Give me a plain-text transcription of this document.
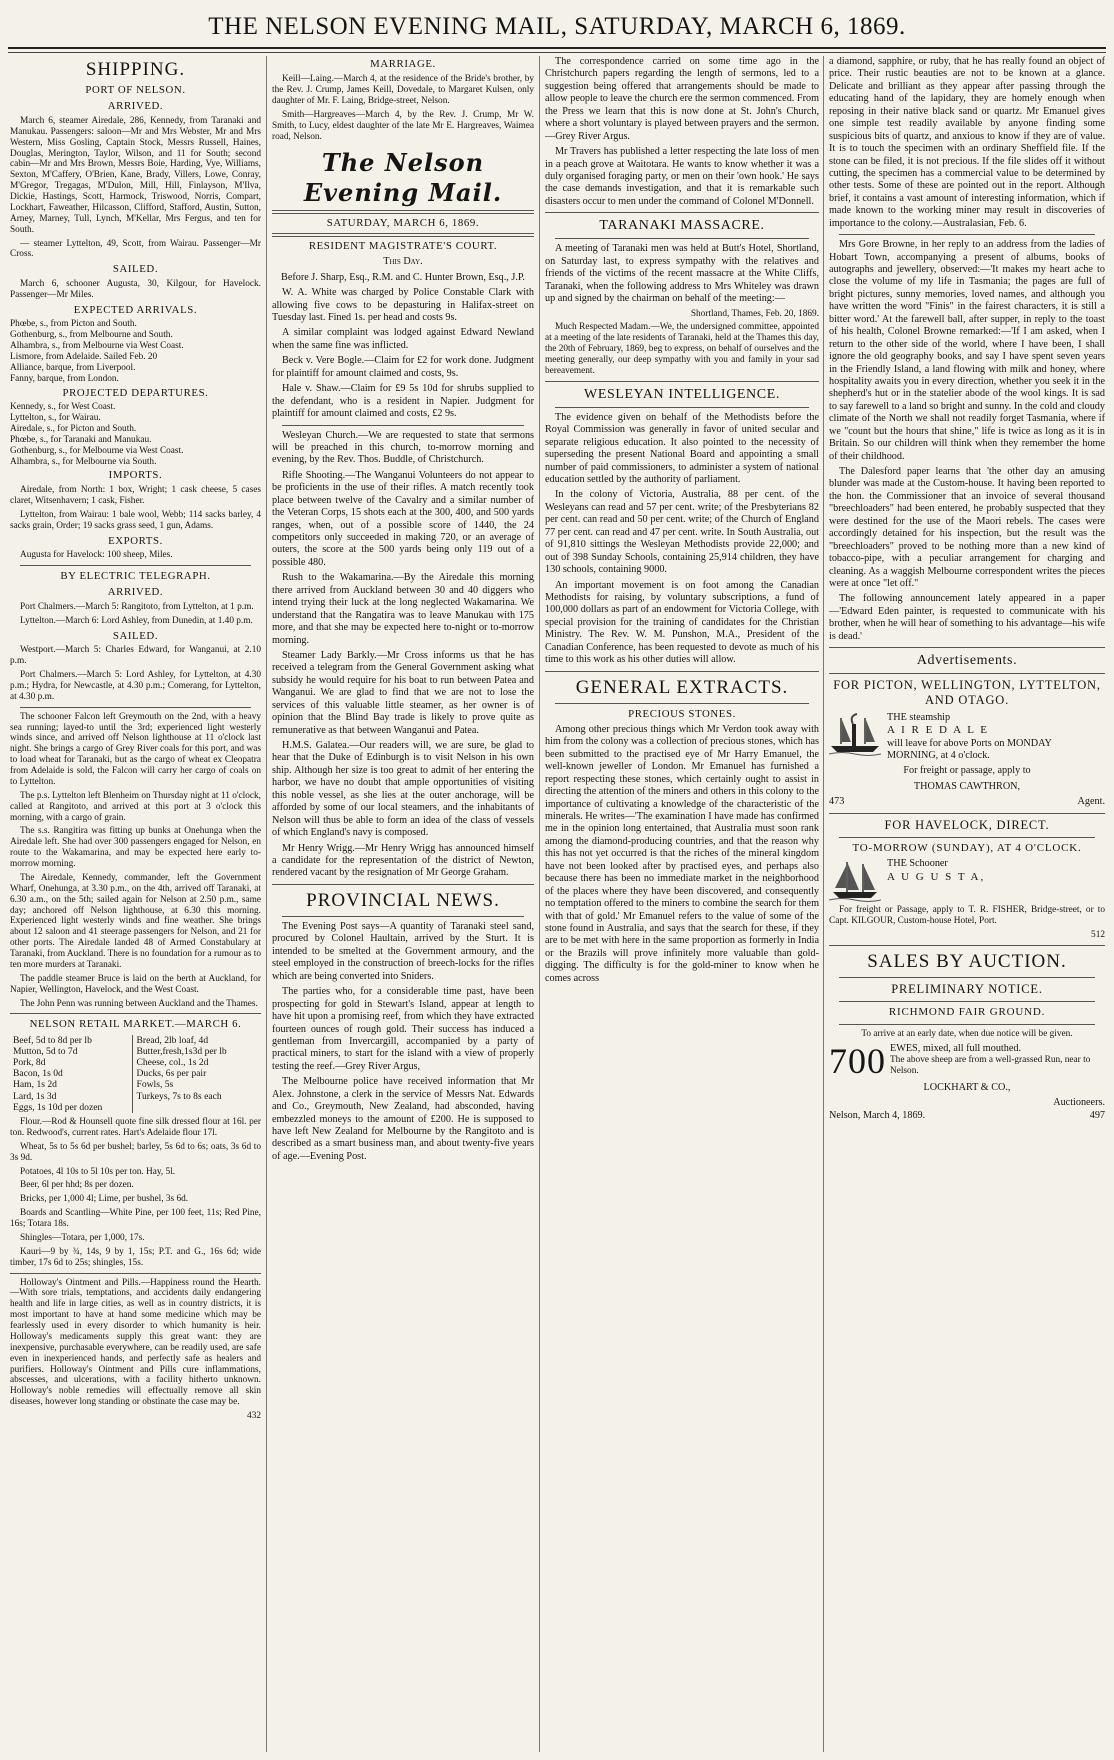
THE NELSON EVENING MAIL, SATURDAY, MARCH 6, 1869.
SHIPPING.
PORT OF NELSON.
ARRIVED.

March 6, steamer Airedale, 286, Kennedy, from Taranaki and Manukau. Passengers: saloon—Mr and Mrs Webster, Mr and Mrs Western, Miss Gosling, Captain Stock, Messrs Russell, Haines, Douglas, Merington, Taylor, Wilson, and 11 for South; second cabin—Mr and Mrs Brown, Messrs Boie, Harding, Vye, Williams, Sexton, M'Caffery, O'Brien, Kane, Brady, Villers, Lowe, Conray, M'Gregor, Tregagas, M'Dulon, Mill, Hill, Finlayson, M'Ilva, Dickie, Hastings, Scott, Harmock, Triswood, Norris, Compart, Lockhart, Faweather, Hilcasson, Clifford, Stafford, Austin, Sutton, Arney, Marney, Tull, Lynch, M'Kellar, Mrs Fergus, and ten for South.

— steamer Lyttelton, 49, Scott, from Wairau. Passenger—Mr Cross.

SAILED.

March 6, schooner Augusta, 30, Kilgour, for Havelock. Passenger—Mr Miles.

EXPECTED ARRIVALS.
Phœbe, s., from Picton and South.
Gothenburg, s., from Melbourne and South.
Alhambra, s., from Melbourne via West Coast.
Lismore, from Adelaide. Sailed Feb. 20
Alliance, barque, from Liverpool.
Fanny, barque, from London.
PROJECTED DEPARTURES.
Kennedy, s., for West Coast.
Lyttelton, s., for Wairau.
Airedale, s., for Picton and South.
Phœbe, s., for Taranaki and Manukau.
Gothenburg, s., for Melbourne via West Coast.
Alhambra, s., for Melbourne via South.
IMPORTS.

Airedale, from North: 1 box, Wright; 1 cask cheese, 5 cases claret, Witsenhavern; 1 cask, Fisher.

Lyttelton, from Wairau: 1 bale wool, Webb; 114 sacks barley, 4 sacks grain, Order; 19 sacks grass seed, 1 gun, Adams.

EXPORTS.

Augusta for Havelock: 100 sheep, Miles.

BY ELECTRIC TELEGRAPH.
ARRIVED.

Port Chalmers.—March 5: Rangitoto, from Lyttelton, at 1 p.m.

Lyttelton.—March 6: Lord Ashley, from Dunedin, at 1.40 p.m.

SAILED.

Westport.—March 5: Charles Edward, for Wanganui, at 2.10 p.m.

Port Chalmers.—March 5: Lord Ashley, for Lyttelton, at 4.30 p.m.; Hydra, for Newcastle, at 4.30 p.m.; Comerang, for Lyttelton, at 4.30 p.m.

The schooner Falcon left Greymouth on the 2nd, with a heavy sea running; layed-to until the 3rd; experienced light westerly winds since, and arrived off Nelson lighthouse at 11 o'clock last night. She brings a cargo of Grey River coals for this port, and was to load wheat for Taranaki, but as the cargo of wheat ex Cleopatra from Adelaide is sold, the Falcon will carry her cargo of coals on to Lyttelton.

The p.s. Lyttelton left Blenheim on Thursday night at 11 o'clock, called at Rangitoto, and arrived at this port at 3 o'clock this morning, with a cargo of grain.

The s.s. Rangitira was fitting up bunks at Onehunga when the Airedale left. She had over 300 passengers engaged for Nelson, en route to the Wakamarina, and may be expected here early to-morrow morning.

The Airedale, Kennedy, commander, left the Government Wharf, Onehunga, at 3.30 p.m., on the 4th, arrived off Taranaki, at 6.30 a.m., on the 5th; sailed again for Nelson at 2.50 p.m., same day; anchored off Nelson lighthouse, at 6.30 this morning. Experienced light westerly winds and fine weather. She brings about 12 saloon and 41 steerage passengers for Nelson, and 21 for other ports. The Airedale landed 48 of Armed Constabulary at Taranaki, from Auckland. There is no foundation for a rumour as to ten more murders at Taranaki.

The paddle steamer Bruce is laid on the berth at Auckland, for Napier, Wellington, Havelock, and the West Coast.

The John Penn was running between Auckland and the Thames.

NELSON RETAIL MARKET.—MARCH 6.
Beef, 5d to 8d per lb	Bread, 2lb loaf, 4d
Mutton, 5d to 7d	Butter,fresh,1s3d per lb
Pork, 8d	Cheese, col., 1s 2d
Bacon, 1s 0d	Ducks, 6s per pair
Ham, 1s 2d	Fowls, 5s
Lard, 1s 3d	Turkeys, 7s to 8s each
Eggs, 1s 10d per dozen	

Flour.—Rod & Hounsell quote fine silk dressed flour at 16l. per ton. Redwood's, current rates. Hart's Adelaide flour 17l.

Wheat, 5s to 5s 6d per bushel; barley, 5s 6d to 6s; oats, 3s 6d to 3s 9d.

Potatoes, 4l 10s to 5l 10s per ton. Hay, 5l.

Beer, 6l per hhd; 8s per dozen.

Bricks, per 1,000 4l; Lime, per bushel, 3s 6d.

Boards and Scantling—White Pine, per 100 feet, 11s; Red Pine, 16s; Totara 18s.

Shingles—Totara, per 1,000, 17s.

Kauri—9 by ¾, 14s, 9 by 1, 15s; P.T. and G., 16s 6d; wide timber, 17s 6d to 25s; shingles, 15s.

Holloway's Ointment and Pills.—Happiness round the Hearth.—With sore trials, temptations, and accidents daily endangering health and life in large cities, as well as in country districts, it is most important to have at hand some medicine which may be fearlessly used in every disorder to which humanity is heir. Holloway's medicaments supply this great want: they are inexpensive, purchasable everywhere, can be readily used, are safe even in inexperienced hands, and perfectly safe as healers and purifiers. Holloway's Ointment and Pills cure inflammations, abscesses, and ulcerations, with a facility hitherto unknown. Holloway's noble remedies will effectually remove all skin diseases, however long standing or obstinate the case may be.

432
MARRIAGE.

Keill—Laing.—March 4, at the residence of the Bride's brother, by the Rev. J. Crump, James Keill, Dovedale, to Margaret Kulsen, only daughter of Mr. F. Laing, Bridge-street, Nelson.

Smith—Hargreaves—March 4, by the Rev. J. Crump, Mr W. Smith, to Lucy, eldest daughter of the late Mr E. Hargreaves, Waimea road, Nelson.

The Nelson Evening Mail.
SATURDAY, MARCH 6, 1869.
RESIDENT MAGISTRATE'S COURT.

This Day.

Before J. Sharp, Esq., R.M. and C. Hunter Brown, Esq., J.P.

W. A. White was charged by Police Constable Clark with allowing five cows to be depasturing in Halifax-street on Tuesday last. Fined 1s. per head and costs 9s.

A similar complaint was lodged against Edward Newland when the same fine was inflicted.

Beck v. Vere Bogle.—Claim for £2 for work done. Judgment for plaintiff for amount claimed and costs, 9s.

Hale v. Shaw.—Claim for £9 5s 10d for shrubs supplied to the defendant, who is a resident in Napier. Judgment for plaintiff for amount claimed and costs, £2 9s.

Wesleyan Church.—We are requested to state that sermons will be preached in this church, to-morrow morning and evening, by the Rev. Thos. Buddle, of Christchurch.

Rifle Shooting.—The Wanganui Volunteers do not appear to be proficients in the use of their rifles. A match recently took place between twelve of the Cavalry and a similar number of the Veteran Corps, 15 shots each at the 300, 400, and 500 yards ranges, when, out of a possible score of 1440, the 24 competitors only succeeded in making 720, or an average of outers, the score at the 500 yards being only 119 out of a possible 480.

Rush to the Wakamarina.—By the Airedale this morning there arrived from Auckland between 30 and 40 diggers who intend trying their luck at the long neglected Wakamarina. We understand that the Rangatira was to leave Manukau with 175 more, and that she may be expected here to-night or to-morrow morning.

Steamer Lady Barkly.—Mr Cross informs us that he has received a telegram from the General Government asking what subsidy he would require for his boat to run between Patea and Wanganui. We are glad to find that we are not to lose the services of this valuable little steamer, as her owner is of opinion that the Blind Bay trade is likely to prove quite as remunerative as that between Wanganui and Patea.

H.M.S. Galatea.—Our readers will, we are sure, be glad to hear that the Duke of Edinburgh is to visit Nelson in his own ship. Although her size is too great to admit of her entering the harbor, we have no doubt that ample opportunities of visiting this noble vessel, as she lies at the outer anchorage, will be afforded by some of our local steamers, and the inhabitants of Nelson will thus be able to form an idea of the class of vessels of which England's navy is composed.

Mr Henry Wrigg.—Mr Henry Wrigg has announced himself a candidate for the representation of the district of Newton, rendered vacant by the resignation of Mr George Graham.

PROVINCIAL NEWS.

The Evening Post says—A quantity of Taranaki steel sand, procured by Colonel Haultain, arrived by the Sturt. It is intended to be smelted at the Government armoury, and the steel employed in the construction of breech-locks for the rifles which are being converted into Sniders.

The parties who, for a considerable time past, have been prospecting for gold in Stewart's Island, appear at length to have hit upon a promising reef, from which they have extracted fourteen ounces of rough gold. Their success has induced a gentleman from Invercargill, accompanied by a party of practical miners, to start for the island with a view of properly testing the reef.—Grey River Argus,

The Melbourne police have received information that Mr Alex. Johnstone, a clerk in the service of Messrs Nat. Edwards and Co., Greymouth, New Zealand, had absconded, having embezzled moneys to the amount of £200. He is supposed to have left New Zealand for Melbourne by the Rangitoto and is described as a smart business man, and about twenty-five years of age.—Evening Post.

The correspondence carried on some time ago in the Christchurch papers regarding the length of sermons, led to a suggestion being offered that arrangements should be made to allow people to leave the church ere the sermon commenced. From the Press we learn that this is now done at St. John's Church, where a short voluntary is played between prayers and the sermon.—Grey River Argus.

Mr Travers has published a letter respecting the late loss of men in a peach grove at Waitotara. He wants to know whether it was a duly organised foraging party, or men on their 'own hook.' He says the case demands investigation, and that it is remarkable such disasters occur to men under the command of Colonel M'Donnell.

TARANAKI MASSACRE.

A meeting of Taranaki men was held at Butt's Hotel, Shortland, on Saturday last, to express sympathy with the relatives and friends of the victims of the recent massacre at the White Cliffs, Taranaki, when the following address to Mrs Whiteley was drawn up and signed by the chairman on behalf of the meeting:—

Shortland, Thames, Feb. 20, 1869.

Much Respected Madam.—We, the undersigned committee, appointed at a meeting of the late residents of Taranaki, held at the Thames this day, the 20th of February, 1869, beg to express, on behalf of ourselves and the meeting generally, our deep sympathy with you and family in your sad bereavement.

WESLEYAN INTELLIGENCE.

The evidence given on behalf of the Methodists before the Royal Commission was generally in favor of united secular and separate religious education. It also pointed to the necessity of superseding the present National Board and appointing a small number of paid commissioners, to administer a system of national education settled by the authority of parliament.

In the colony of Victoria, Australia, 88 per cent. of the Wesleyans can read and 57 per cent. write; of the Presbyterians 82 per cent. can read and 50 per cent. write; of the Church of England 77 per cent. can read and 47 per cent. write. In South Australia, out of 91,810 sittings the Wesleyan Methodists provide 22,000; and out of 398 Sunday Schools, containing 25,914 children, they have 130 schools, containing 9000.

An important movement is on foot among the Canadian Methodists for raising, by voluntary subscriptions, a fund of 100,000 dollars as part of an endowment for Victoria College, with special provision for the training of candidates for the Christian Ministry. The Rev. W. M. Punshon, M.A., President of the Canadian Conference, has been requested to devote as much of his time to this work as his other duties will allow.

GENERAL EXTRACTS.
PRECIOUS STONES.

Among other precious things which Mr Verdon took away with him from the colony was a collection of precious stones, which has been submitted to the practised eye of Mr Harry Emanuel, the well-known jeweller of London. Mr Emanuel has furnished a report respecting these stones, which certainly ought to assist in directing the attention of the miners and others in this colony to the importance of cultivating a knowledge of the characteristic of the minerals. He writes—'The examination I have made has confirmed me in the opinion long entertained, that Australia must soon rank among the diamond-producing countries, and that the reason why this has not yet occurred is that the riches of the mineral kingdom have not been looked after by practised eyes, and perhaps also because there has been no immediate market in the neighborhood of the places where they have been discovered, and consequently no temptation offered to the miners to combine the search for them with that of gold.' Mr Emanuel refers to the value of some of the stone found in Australia, and says that the search for these, if they are to be met with here in the same proportion as formerly in India or the Brazils will prove infinitely more valuable than gold-digging. The difficulty is for the gold-miner to know when he comes across

a diamond, sapphire, or ruby, that he has really found an object of price. Their rustic beauties are not to be known at a glance. Delicate and brilliant as they appear after passing through the educating hand of the lapidary, they are homely enough when reposing in their native black sand or quartz. Mr Emanuel gives one simple test readily available by anyone finding some suspicious bits of quartz, and anxious to know if they are of value. It is to touch the specimen with an ordinary Sheffield file. If the stone can be filed, it is not precious. If the file slides off it without cutting, the specimen has a commercial value to be determined by other tests. Some of these are pointed out in the report. Although brief, it contains a vast amount of interesting information, which if made known to the working miner may result in discoveries of importance to the colony.—Australasian, Feb. 6.

Mrs Gore Browne, in her reply to an address from the ladies of Hobart Town, accompanying a present of albums, books of autographs and jewellery, observed:—'It makes my heart ache to close the volume of my life in Tasmania; the pages are full of bright pictures, sunny memories, loved names, and although you have written the word "Finis" in the fairest characters, it is still a bitter word.' At the farewell ball, after supper, in reply to the toast of his health, Colonel Browne remarked:—'If I am asked, when I return to the other side of the world, where I have been, I shall ignore the old geography books, and say I have spent seven years in the Friendly Island, a land flowing with milk and honey, where hospitality awaits you in every direction, whether you seek it in the shepherd's hut or in the statelier abode of the wool kings. It is sad to say farewell to a land so bright and sunny. In the cold and cloudy climate of the North we shall not readily forget Tasmania, where if we "count but the hours that shine," life is twice as long as it is in Britain. So our children will think when they remember the home of their childhood.

The Dalesford paper learns that 'the other day an amusing blunder was made at the Custom-house. It having been reported to the hon. the Commissioner that an invoice of several thousand "breechloaders" had been entered, he probably suspected that they were destined for the use of the Maori rebels. The cases were accordingly detained for his inspection, but the result was the "breechloaders" proved to be nothing more than a new kind of tobacco-pipe, with a peculiar arrangement for charging and cleaning. As a waggish Melbourne correspondent writes the pieces were at once "let off."

The following announcement lately appeared in a paper—'Edward Eden painter, is requested to communicate with his brother, when he will hear of something to his advantage—his wife is dead.'

Advertisements.
FOR PICTON, WELLINGTON, LYTTELTON, AND OTAGO.
THE steamship
A I R E D A L E
will leave for above Ports on MONDAY MORNING, at 4 o'clock.

For freight or passage, apply to

THOMAS CAWTHRON,

473	Agent.
FOR HAVELOCK, DIRECT.
TO-MORROW (SUNDAY), AT 4 O'CLOCK.
THE Schooner
A U G U S T A,

For freight or Passage, apply to T. R. FISHER, Bridge-street, or to Capt. KILGOUR, Custom-house Hotel, Port.

512
SALES BY AUCTION.
PRELIMINARY NOTICE.
RICHMOND FAIR GROUND.

To arrive at an early date, when due notice will be given.

700 EWES, mixed, all full mouthed.
The above sheep are from a well-grassed Run, near to Nelson.

LOCKHART & CO.,

Auctioneers.
Nelson, March 4, 1869.	497
